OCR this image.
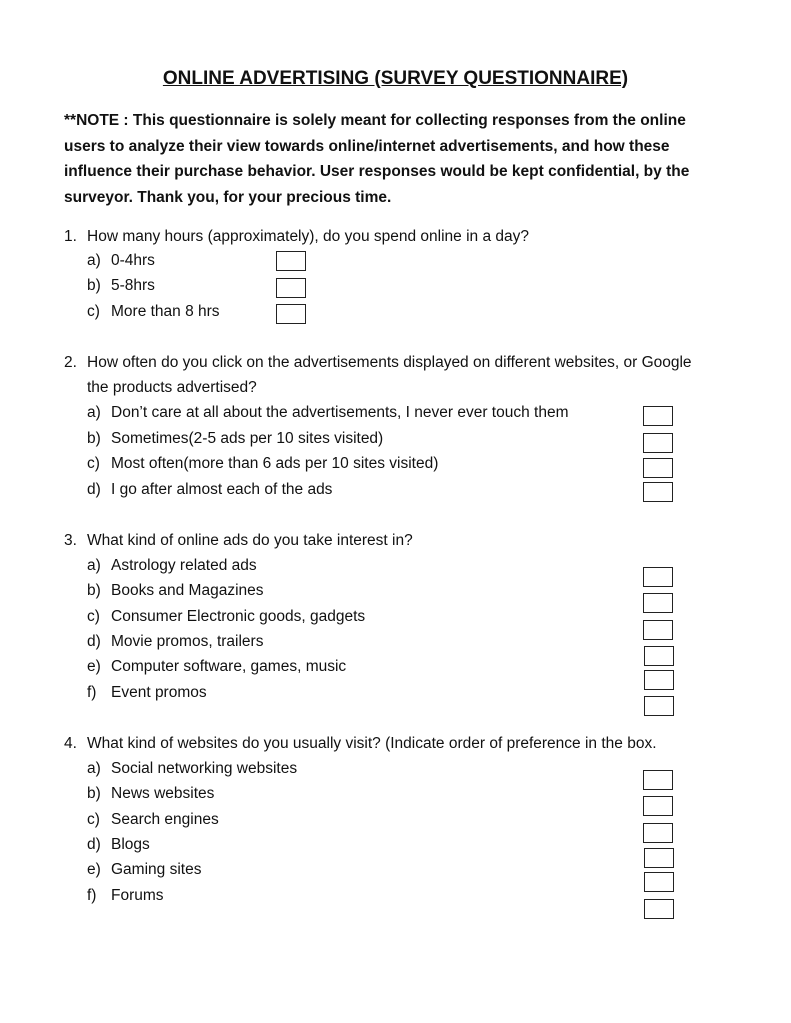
ONLINE ADVERTISING (SURVEY QUESTIONNAIRE)
**NOTE : This questionnaire is solely meant for collecting responses from the online users to analyze their view towards online/internet advertisements, and how these influence their purchase behavior. User responses would be kept confidential, by the surveyor. Thank you, for your precious time.
1. How many hours (approximately), do you spend online in a day?
a) 0-4hrs
b) 5-8hrs
c) More than 8 hrs
2. How often do you click on the advertisements displayed on different websites, or Google the products advertised?
a) Don’t care at all about the advertisements, I never ever touch them
b) Sometimes(2-5 ads per 10 sites visited)
c) Most often(more than 6 ads per 10 sites visited)
d) I go after almost each of the ads
3. What kind of online ads do you take interest in?
a) Astrology related ads
b) Books and Magazines
c) Consumer Electronic goods, gadgets
d) Movie promos, trailers
e) Computer software, games, music
f) Event promos
4. What kind of websites do you usually visit? (Indicate order of preference in the box.
a) Social networking websites
b) News websites
c) Search engines
d) Blogs
e) Gaming sites
f) Forums
